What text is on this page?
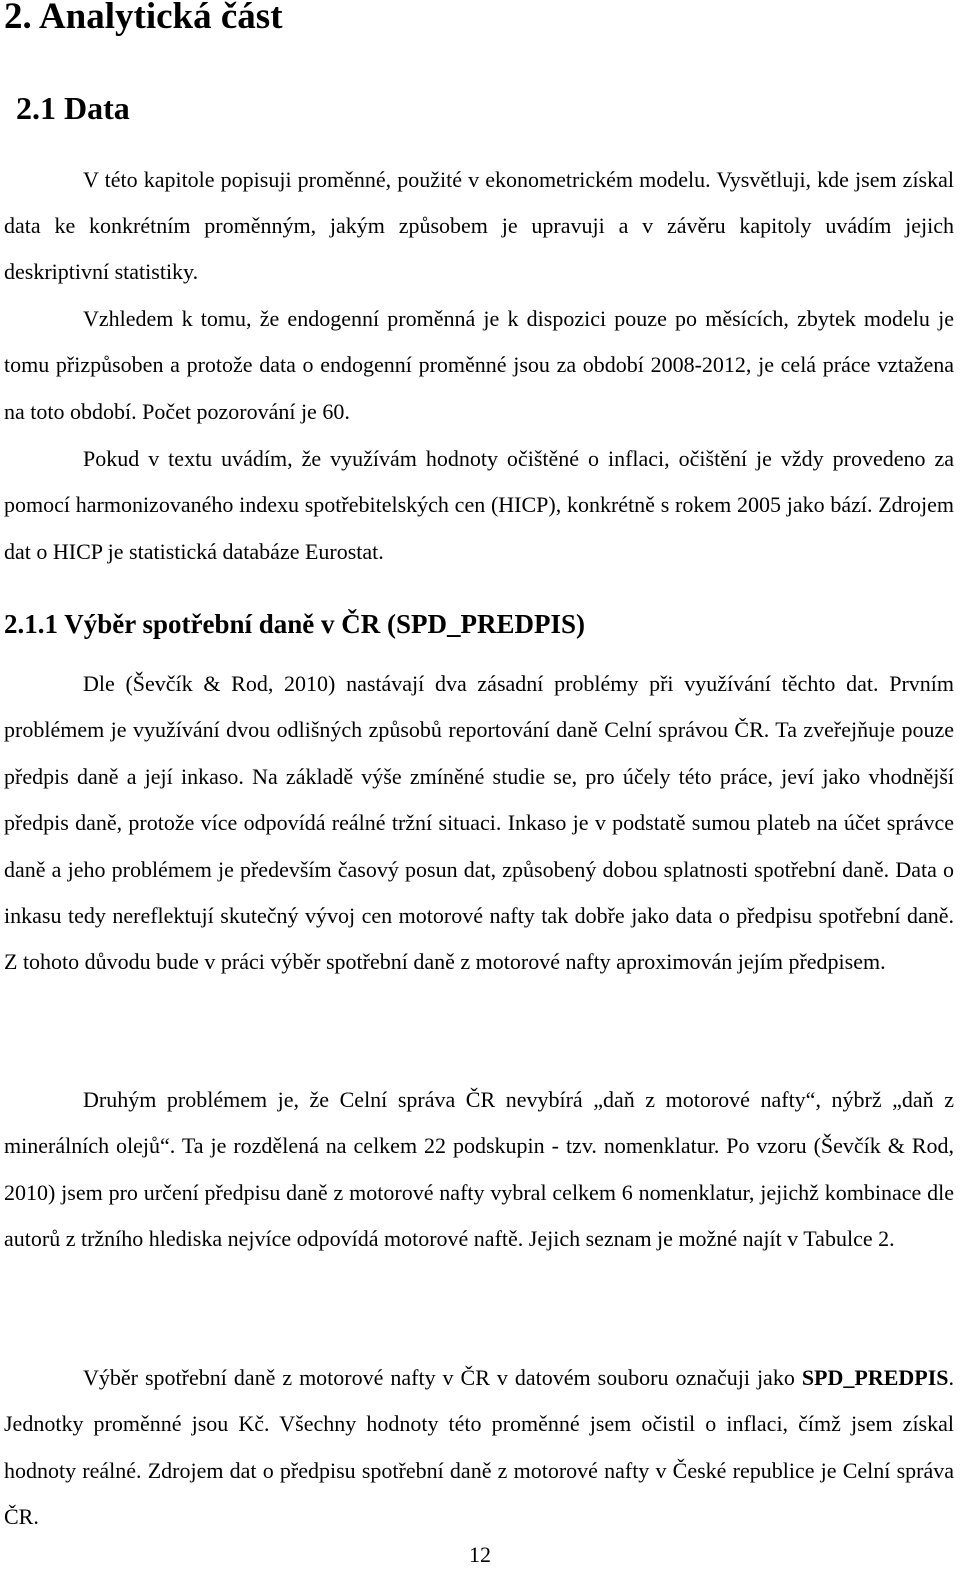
2. Analytická část
2.1 Data

V této kapitole popisuji proměnné, použité v ekonometrickém modelu. Vysvětluji, kde jsem získal data ke konkrétním proměnným, jakým způsobem je upravuji a v závěru kapitoly uvádím jejich deskriptivní statistiky.

Vzhledem k tomu, že endogenní proměnná je k dispozici pouze po měsících, zbytek modelu je tomu přizpůsoben a protože data o endogenní proměnné jsou za období 2008-2012, je celá práce vztažena na toto období. Počet pozorování je 60.

Pokud v textu uvádím, že využívám hodnoty očištěné o inflaci, očištění je vždy provedeno za pomocí harmonizovaného indexu spotřebitelských cen (HICP), konkrétně s rokem 2005 jako bází. Zdrojem dat o HICP je statistická databáze Eurostat.

2.1.1 Výběr spotřební daně v ČR (SPD_PREDPIS)

Dle (Ševčík & Rod, 2010) nastávají dva zásadní problémy při využívání těchto dat. Prvním problémem je využívání dvou odlišných způsobů reportování daně Celní správou ČR. Ta zveřejňuje pouze předpis daně a její inkaso. Na základě výše zmíněné studie se, pro účely této práce, jeví jako vhodnější předpis daně, protože více odpovídá reálné tržní situaci. Inkaso je v podstatě sumou plateb na účet správce daně a jeho problémem je především časový posun dat, způsobený dobou splatnosti spotřební daně. Data o inkasu tedy nereflektují skutečný vývoj cen motorové nafty tak dobře jako data o předpisu spotřební daně. Z tohoto důvodu bude v práci výběr spotřební daně z motorové nafty aproximován jejím předpisem.

Druhým problémem je, že Celní správa ČR nevybírá „daň z motorové nafty“, nýbrž „daň z minerálních olejů“. Ta je rozdělená na celkem 22 podskupin - tzv. nomenklatur. Po vzoru (Ševčík & Rod, 2010) jsem pro určení předpisu daně z motorové nafty vybral celkem 6 nomenklatur, jejichž kombinace dle autorů z tržního hlediska nejvíce odpovídá motorové naftě. Jejich seznam je možné najít v Tabulce 2.

Výběr spotřební daně z motorové nafty v ČR v datovém souboru označuji jako SPD_PREDPIS. Jednotky proměnné jsou Kč. Všechny hodnoty této proměnné jsem očistil o inflaci, čímž jsem získal hodnoty reálné. Zdrojem dat o předpisu spotřební daně z motorové nafty v České republice je Celní správa ČR.

12
